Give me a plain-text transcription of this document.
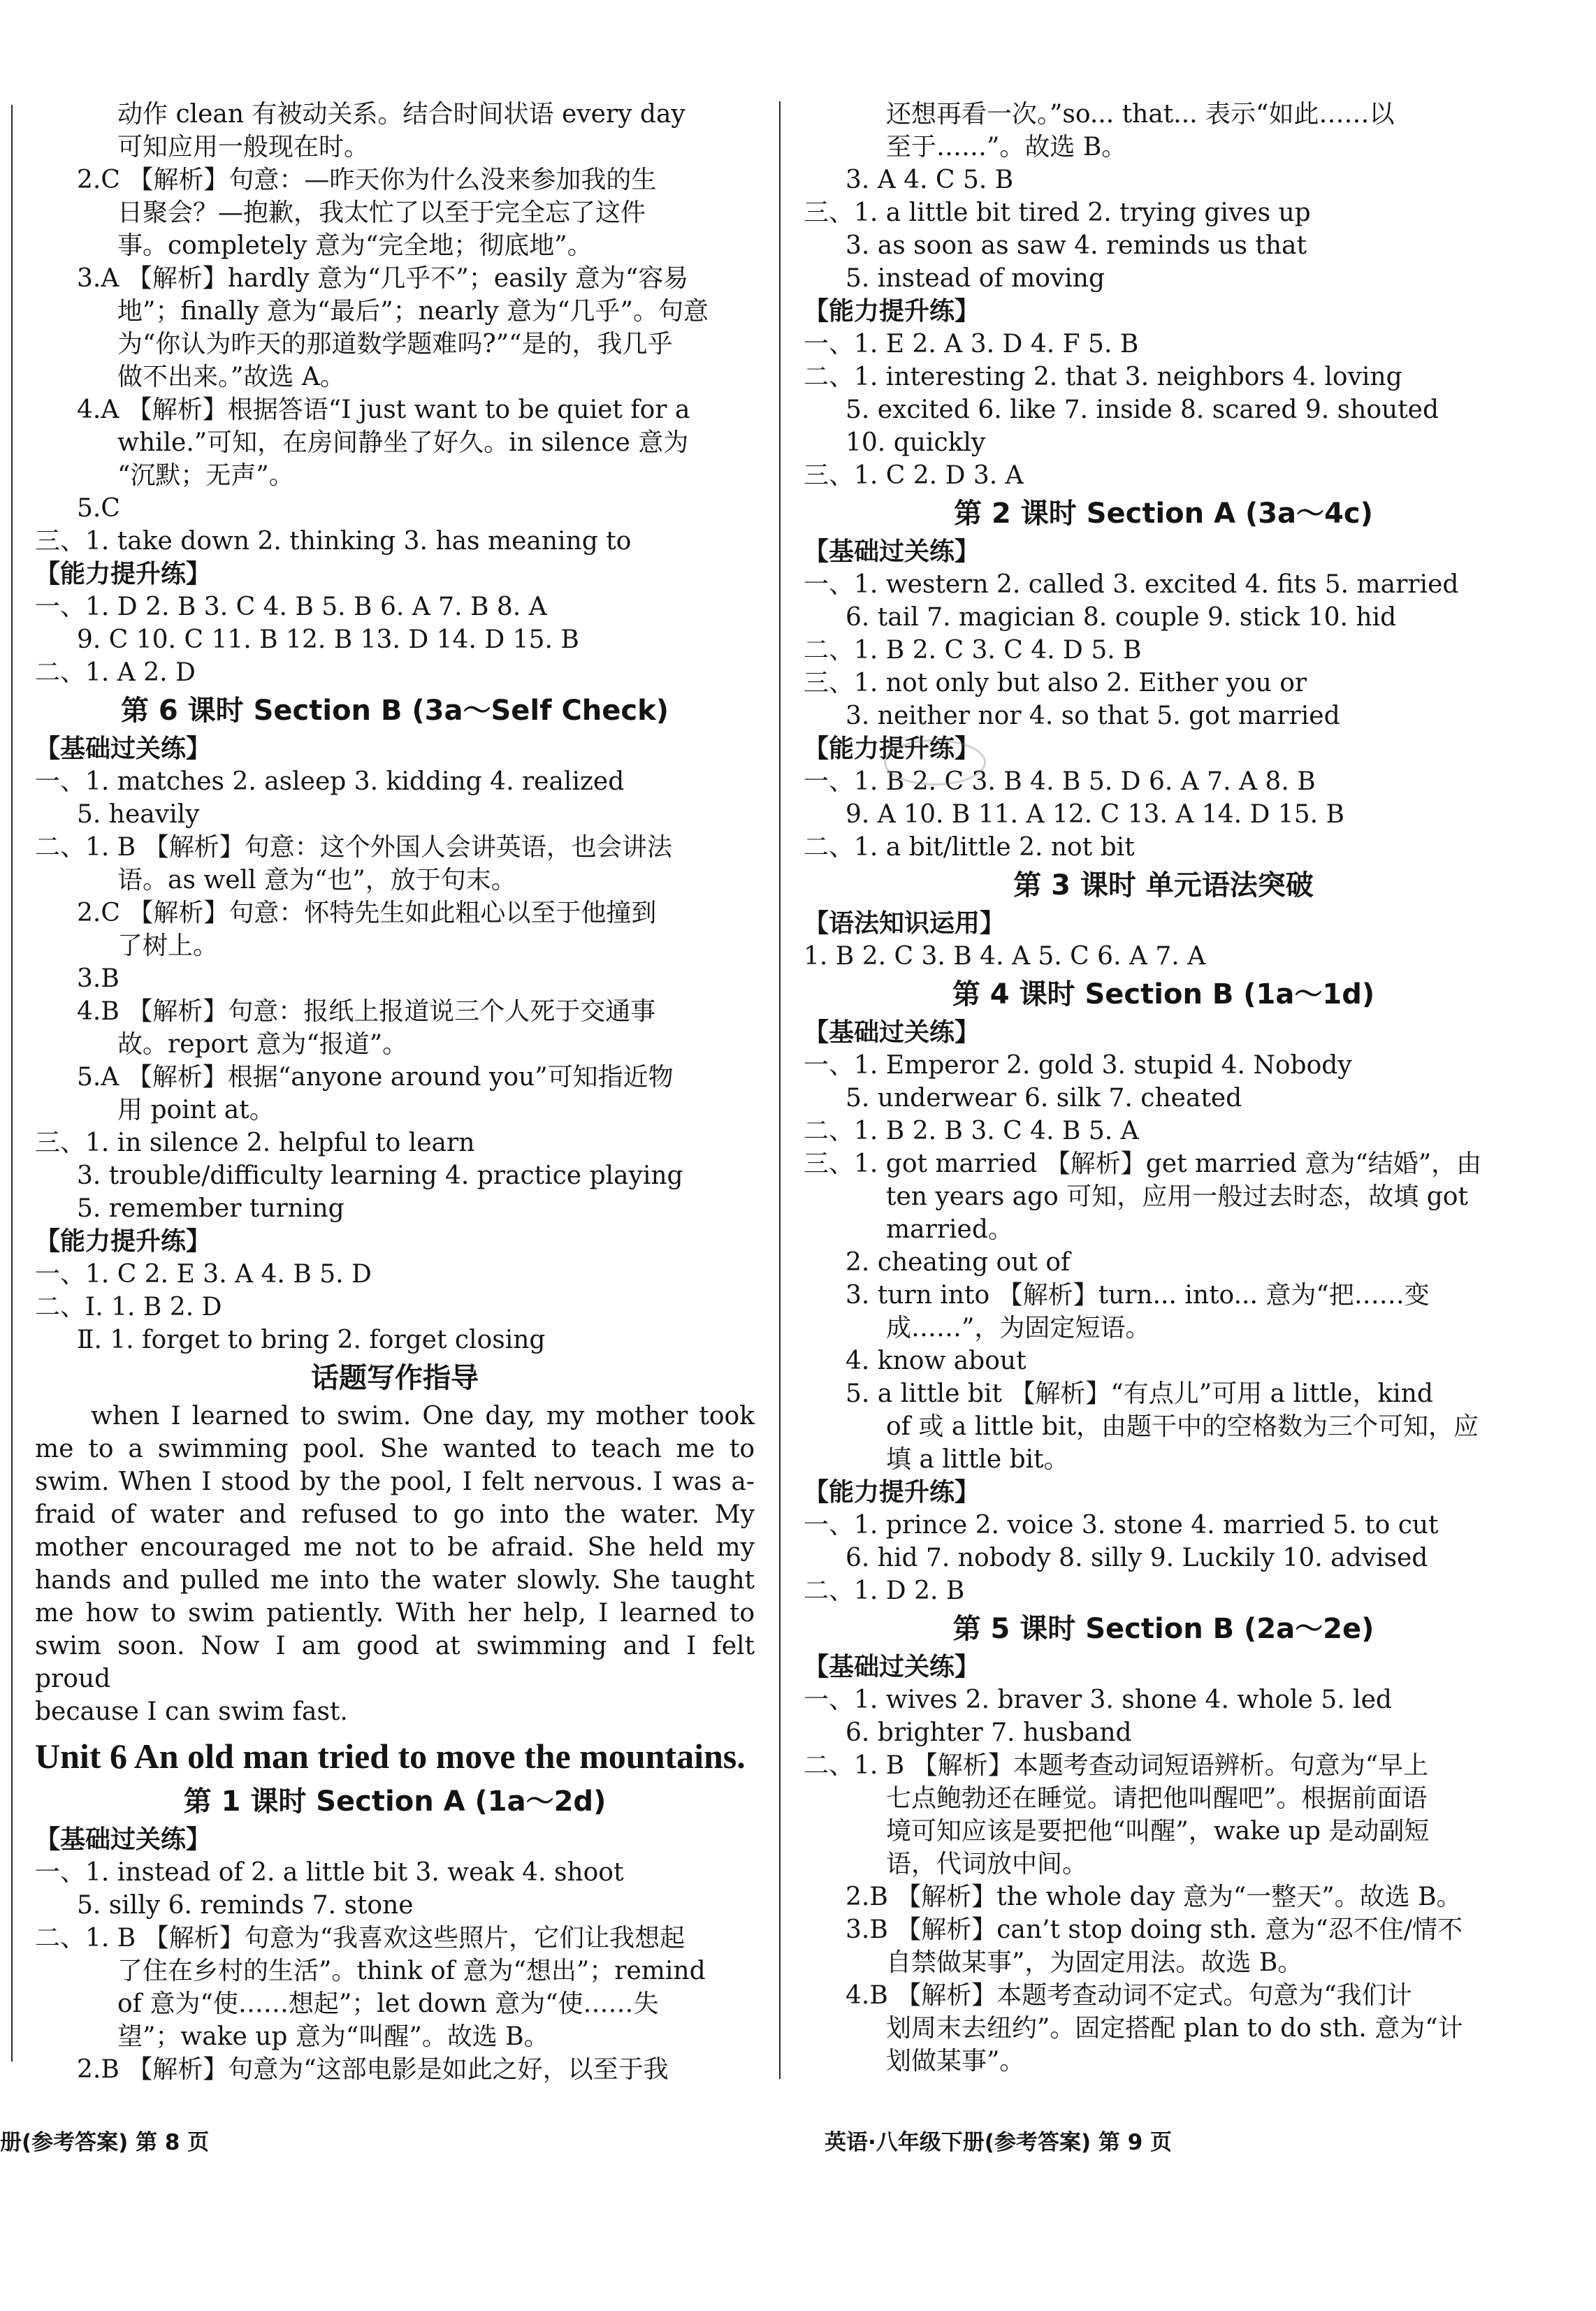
动作 clean 有被动关系。结合时间状语 every day
可知应用一般现在时。
2.C 【解析】句意：—昨天你为什么没来参加我的生
日聚会？—抱歉，我太忙了以至于完全忘了这件
事。completely 意为“完全地；彻底地”。
3.A 【解析】hardly 意为“几乎不”；easily 意为“容易
地”；finally 意为“最后”；nearly 意为“几乎”。句意
为“你认为昨天的那道数学题难吗?”“是的，我几乎
做不出来。”故选 A。
4.A 【解析】根据答语“I just want to be quiet for a
while.”可知，在房间静坐了好久。in silence 意为
“沉默；无声”。
5.C
三、1. take down 2. thinking 3. has meaning to
【能力提升练】
一、1. D 2. B 3. C 4. B 5. B 6. A 7. B 8. A
9. C 10. C 11. B 12. B 13. D 14. D 15. B
二、1. A 2. D
第 6 课时 Section B (3a～Self Check)
【基础过关练】
一、1. matches 2. asleep 3. kidding 4. realized
5. heavily
二、1. B 【解析】句意：这个外国人会讲英语，也会讲法
语。as well 意为“也”，放于句末。
2.C 【解析】句意：怀特先生如此粗心以至于他撞到
了树上。
3.B
4.B 【解析】句意：报纸上报道说三个人死于交通事
故。report 意为“报道”。
5.A 【解析】根据“anyone around you”可知指近物
用 point at。
三、1. in silence 2. helpful to learn
3. trouble/difficulty learning 4. practice playing
5. remember turning
【能力提升练】
一、1. C 2. E 3. A 4. B 5. D
二、Ⅰ. 1. B 2. D
Ⅱ. 1. forget to bring 2. forget closing
话题写作指导
when I learned to swim. One day, my mother took
me to a swimming pool. She wanted to teach me to
swim. When I stood by the pool, I felt nervous. I was a-
fraid of water and refused to go into the water. My
mother encouraged me not to be afraid. She held my
hands and pulled me into the water slowly. She taught
me how to swim patiently. With her help, I learned to
swim soon. Now I am good at swimming and I felt proud
because I can swim fast.
Unit 6 An old man tried to move the mountains.
第 1 课时 Section A (1a～2d)
【基础过关练】
一、1. instead of 2. a little bit 3. weak 4. shoot
5. silly 6. reminds 7. stone
二、1. B 【解析】句意为“我喜欢这些照片，它们让我想起
了住在乡村的生活”。think of 意为“想出”；remind
of 意为“使……想起”；let down 意为“使……失
望”；wake up 意为“叫醒”。故选 B。
2.B 【解析】句意为“这部电影是如此之好，以至于我
还想再看一次。”so... that... 表示“如此……以
至于……”。故选 B。
3. A 4. C 5. B
三、1. a little bit tired 2. trying gives up
3. as soon as saw 4. reminds us that
5. instead of moving
【能力提升练】
一、1. E 2. A 3. D 4. F 5. B
二、1. interesting 2. that 3. neighbors 4. loving
5. excited 6. like 7. inside 8. scared 9. shouted
10. quickly
三、1. C 2. D 3. A
第 2 课时 Section A (3a～4c)
【基础过关练】
一、1. western 2. called 3. excited 4. fits 5. married
6. tail 7. magician 8. couple 9. stick 10. hid
二、1. B 2. C 3. C 4. D 5. B
三、1. not only but also 2. Either you or
3. neither nor 4. so that 5. got married
【能力提升练】
一、1. B 2. C 3. B 4. B 5. D 6. A 7. A 8. B
9. A 10. B 11. A 12. C 13. A 14. D 15. B
二、1. a bit/little 2. not bit
第 3 课时 单元语法突破
【语法知识运用】
1. B 2. C 3. B 4. A 5. C 6. A 7. A
第 4 课时 Section B (1a～1d)
【基础过关练】
一、1. Emperor 2. gold 3. stupid 4. Nobody
5. underwear 6. silk 7. cheated
二、1. B 2. B 3. C 4. B 5. A
三、1. got married 【解析】get married 意为“结婚”，由
ten years ago 可知，应用一般过去时态，故填 got
married。
2. cheating out of
3. turn into 【解析】turn... into... 意为“把……变
成……”，为固定短语。
4. know about
5. a little bit 【解析】“有点儿”可用 a little，kind
of 或 a little bit，由题干中的空格数为三个可知，应
填 a little bit。
【能力提升练】
一、1. prince 2. voice 3. stone 4. married 5. to cut
6. hid 7. nobody 8. silly 9. Luckily 10. advised
二、1. D 2. B
第 5 课时 Section B (2a～2e)
【基础过关练】
一、1. wives 2. braver 3. shone 4. whole 5. led
6. brighter 7. husband
二、1. B 【解析】本题考查动词短语辨析。句意为“早上
七点鲍勃还在睡觉。请把他叫醒吧”。根据前面语
境可知应该是要把他“叫醒”，wake up 是动副短
语，代词放中间。
2.B 【解析】the whole day 意为“一整天”。故选 B。
3.B 【解析】can’t stop doing sth. 意为“忍不住/情不
自禁做某事”，为固定用法。故选 B。
4.B 【解析】本题考查动词不定式。句意为“我们计
划周末去纽约”。固定搭配 plan to do sth. 意为“计
划做某事”。
册(参考答案) 第 8 页	英语·八年级下册(参考答案) 第 9 页
